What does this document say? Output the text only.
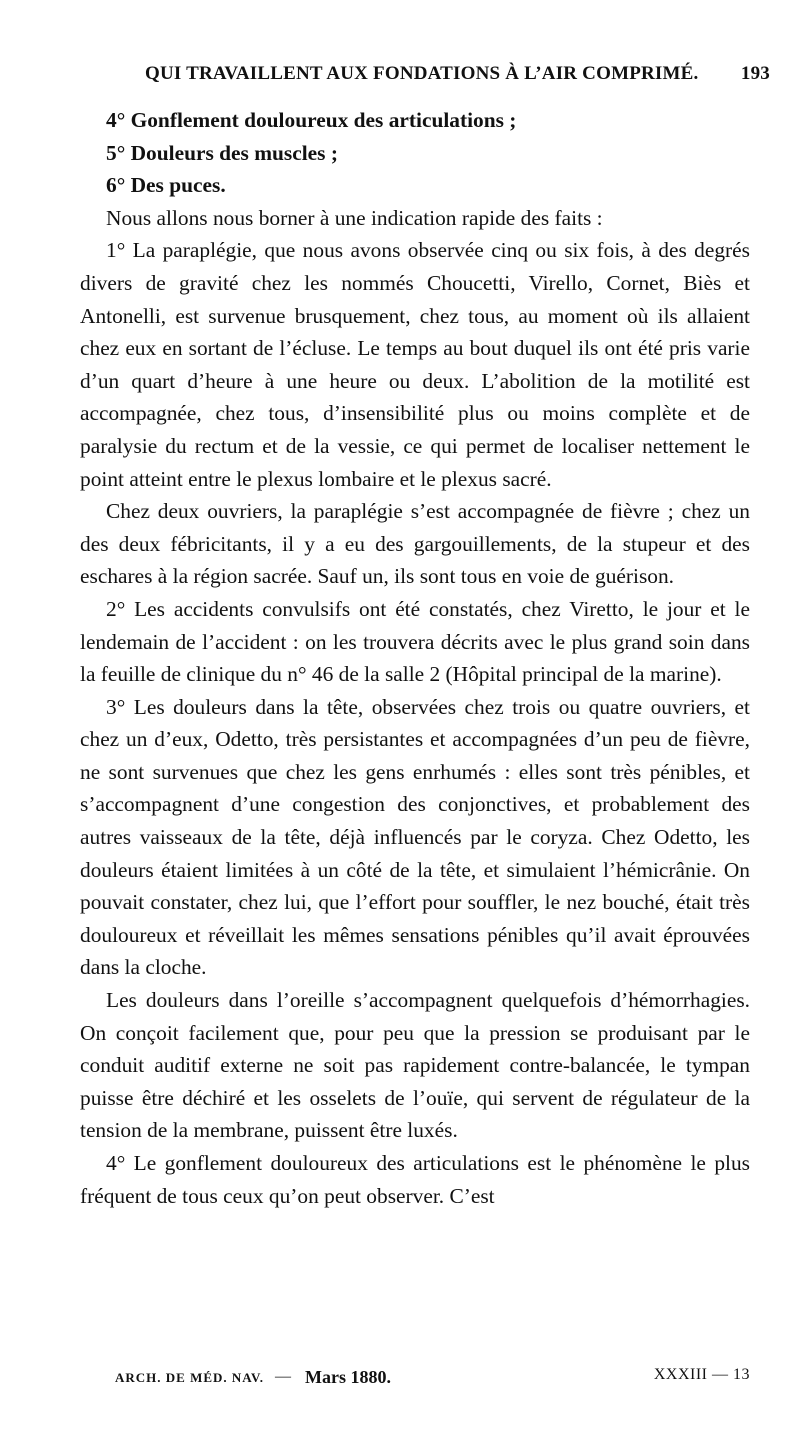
QUI TRAVAILLENT AUX FONDATIONS À L’AIR COMPRIMÉ. 193

4° Gonflement douloureux des articulations ;

5° Douleurs des muscles ;

6° Des puces.

Nous allons nous borner à une indication rapide des faits :

1° La paraplégie, que nous avons observée cinq ou six fois, à des degrés divers de gravité chez les nommés Choucetti, Virello, Cornet, Biès et Antonelli, est survenue brusquement, chez tous, au moment où ils allaient chez eux en sortant de l’écluse. Le temps au bout duquel ils ont été pris varie d’un quart d’heure à une heure ou deux. L’abolition de la motilité est accompagnée, chez tous, d’insensibilité plus ou moins complète et de paralysie du rectum et de la vessie, ce qui permet de localiser nettement le point atteint entre le plexus lombaire et le plexus sacré.

Chez deux ouvriers, la paraplégie s’est accompagnée de fièvre ; chez un des deux fébricitants, il y a eu des gargouillements, de la stupeur et des eschares à la région sacrée. Sauf un, ils sont tous en voie de guérison.

2° Les accidents convulsifs ont été constatés, chez Viretto, le jour et le lendemain de l’accident : on les trouvera décrits avec le plus grand soin dans la feuille de clinique du n° 46 de la salle 2 (Hôpital principal de la marine).

3° Les douleurs dans la tête, observées chez trois ou quatre ouvriers, et chez un d’eux, Odetto, très persistantes et accompagnées d’un peu de fièvre, ne sont survenues que chez les gens enrhumés : elles sont très pénibles, et s’accompagnent d’une congestion des conjonctives, et probablement des autres vaisseaux de la tête, déjà influencés par le coryza. Chez Odetto, les douleurs étaient limitées à un côté de la tête, et simulaient l’hémicrânie. On pouvait constater, chez lui, que l’effort pour souffler, le nez bouché, était très douloureux et réveillait les mêmes sensations pénibles qu’il avait éprouvées dans la cloche.

Les douleurs dans l’oreille s’accompagnent quelquefois d’hémorrhagies. On conçoit facilement que, pour peu que la pression se produisant par le conduit auditif externe ne soit pas rapidement contre-balancée, le tympan puisse être déchiré et les osselets de l’ouïe, qui servent de régulateur de la tension de la membrane, puissent être luxés.

4° Le gonflement douloureux des articulations est le phénomène le plus fréquent de tous ceux qu’on peut observer. C’est

ARCH. DE MÉD. NAV. — Mars 1880.	XXXIII — 13
